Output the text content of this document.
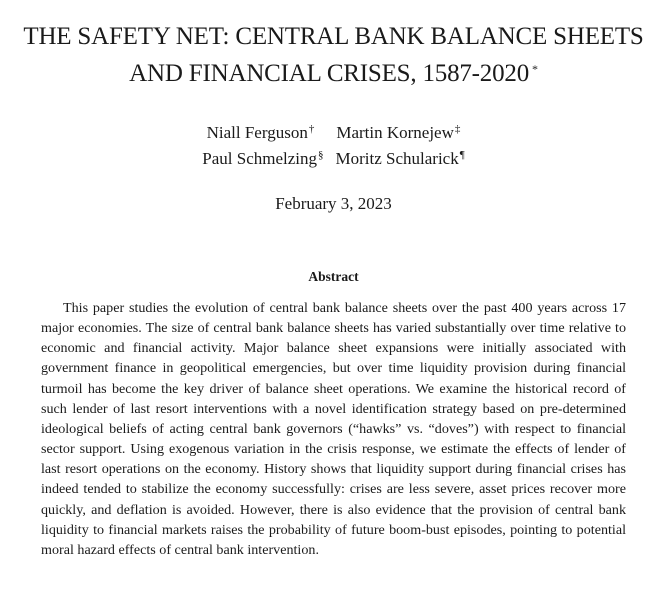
THE SAFETY NET: CENTRAL BANK BALANCE SHEETS
AND FINANCIAL CRISES, 1587-2020 *
Niall Ferguson† Martin Kornejew‡
Paul Schmelzing§ Moritz Schularick¶
February 3, 2023
Abstract

This paper studies the evolution of central bank balance sheets over the past 400 years across 17 major economies. The size of central bank balance sheets has varied substantially over time relative to economic and financial activity. Major balance sheet expansions were initially associated with government finance in geopolitical emergencies, but over time liquidity provision during financial turmoil has become the key driver of balance sheet operations. We examine the historical record of such lender of last resort interventions with a novel identification strategy based on pre-determined ideological beliefs of acting central bank governors (“hawks” vs. “doves”) with respect to financial sector support. Using exogenous variation in the crisis response, we estimate the effects of lender of last resort operations on the economy. History shows that liquidity support during financial crises has indeed tended to stabilize the economy successfully: crises are less severe, asset prices recover more quickly, and deflation is avoided. However, there is also evidence that the provision of central bank liquidity to financial markets raises the probability of future boom-bust episodes, pointing to potential moral hazard effects of central bank intervention.
